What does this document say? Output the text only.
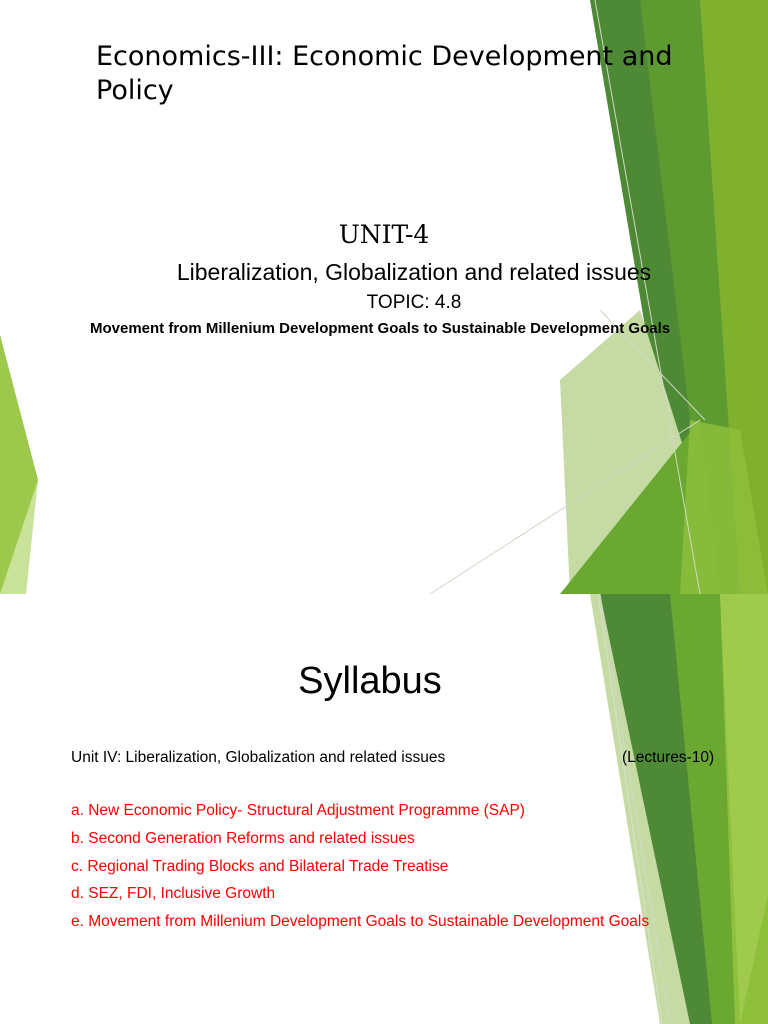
Economics-III: Economic Development and Policy
UNIT-4
Liberalization, Globalization and related issues
TOPIC: 4.8
Movement from Millenium Development Goals to Sustainable Development Goals
Syllabus
Unit IV: Liberalization, Globalization and related issues	(Lectures-10)
a. New Economic Policy- Structural Adjustment Programme (SAP)
b. Second Generation Reforms and related issues
c. Regional Trading Blocks and Bilateral Trade Treatise
d. SEZ, FDI, Inclusive Growth
e. Movement from Millenium Development Goals to Sustainable Development Goals
